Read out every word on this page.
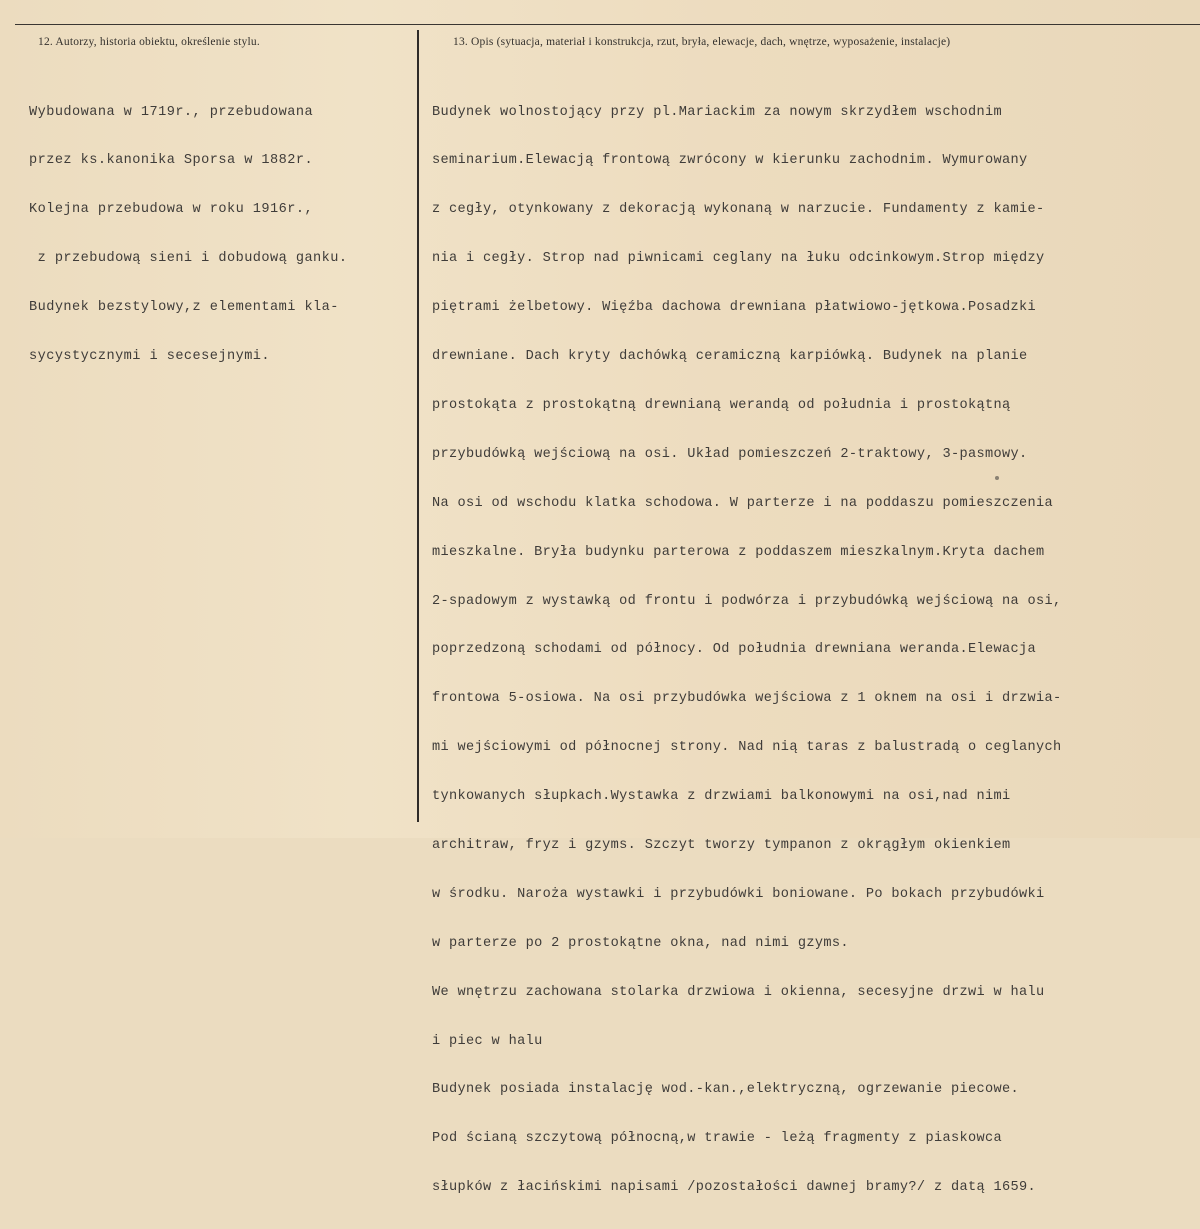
12. Autorzy, historia obiektu, określenie stylu.	13. Opis (sytuacja, materiał i konstrukcja, rzut, bryła, elewacje, dach, wnętrze, wyposażenie, instalacje)

Wybudowana w 1719r., przebudowana

przez ks.kanonika Sporsa w 1882r.

Kolejna przebudowa w roku 1916r.,

z przebudową sieni i dobudową ganku.

Budynek bezstylowy,z elementami kla-

sycystycznymi i secesejnymi.

Budynek wolnostojący przy pl.Mariackim za nowym skrzydłem wschodnim

seminarium.Elewacją frontową zwrócony w kierunku zachodnim. Wymurowany

z cegły, otynkowany z dekoracją wykonaną w narzucie. Fundamenty z kamie-

nia i cegły. Strop nad piwnicami ceglany na łuku odcinkowym.Strop między

piętrami żelbetowy. Więźba dachowa drewniana płatwiowo-jętkowa.Posadzki

drewniane. Dach kryty dachówką ceramiczną karpiówką. Budynek na planie

prostokąta z prostokątną drewnianą werandą od południa i prostokątną

przybudówką wejściową na osi. Układ pomieszczeń 2-traktowy, 3-pasmowy.

Na osi od wschodu klatka schodowa. W parterze i na poddaszu pomieszczenia

mieszkalne. Bryła budynku parterowa z poddaszem mieszkalnym.Kryta dachem

2-spadowym z wystawką od frontu i podwórza i przybudówką wejściową na osi,

poprzedzoną schodami od północy. Od południa drewniana weranda.Elewacja

frontowa 5-osiowa. Na osi przybudówka wejściowa z 1 oknem na osi i drzwia-

mi wejściowymi od północnej strony. Nad nią taras z balustradą o ceglanych

tynkowanych słupkach.Wystawka z drzwiami balkonowymi na osi,nad nimi

architraw, fryz i gzyms. Szczyt tworzy tympanon z okrągłym okienkiem

w środku. Naroża wystawki i przybudówki boniowane. Po bokach przybudówki

w parterze po 2 prostokątne okna, nad nimi gzyms.

We wnętrzu zachowana stolarka drzwiowa i okienna, secesyjne drzwi w halu

i piec w halu

Budynek posiada instalację wod.-kan.,elektryczną, ogrzewanie piecowe.

Pod ścianą szczytową północną,w trawie - leżą fragmenty z piaskowca

słupków z łacińskimi napisami /pozostałości dawnej bramy?/ z datą 1659.
